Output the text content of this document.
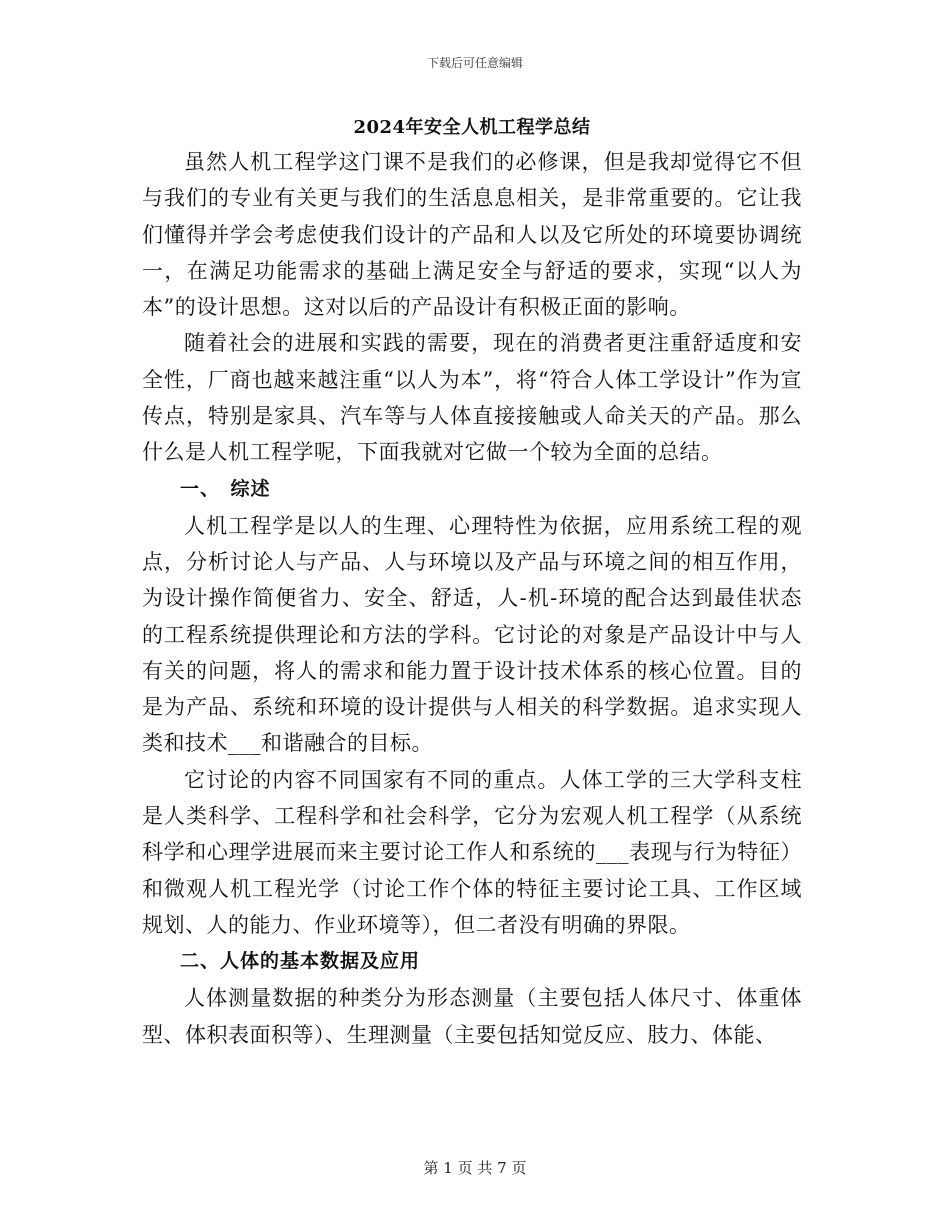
下载后可任意编辑
2024年安全人机工程学总结

虽然人机工程学这门课不是我们的必修课，但是我却觉得它不但与我们的专业有关更与我们的生活息息相关，是非常重要的。它让我们懂得并学会考虑使我们设计的产品和人以及它所处的环境要协调统一，在满足功能需求的基础上满足安全与舒适的要求，实现“以人为本”的设计思想。这对以后的产品设计有积极正面的影响。

随着社会的进展和实践的需要，现在的消费者更注重舒适度和安全性，厂商也越来越注重“以人为本”，将“符合人体工学设计”作为宣传点，特别是家具、汽车等与人体直接接触或人命关天的产品。那么什么是人机工程学呢，下面我就对它做一个较为全面的总结。

一、　综述

人机工程学是以人的生理、心理特性为依据，应用系统工程的观点，分析讨论人与产品、人与环境以及产品与环境之间的相互作用，为设计操作简便省力、安全、舒适，人-机-环境的配合达到最佳状态的工程系统提供理论和方法的学科。它讨论的对象是产品设计中与人有关的问题，将人的需求和能力置于设计技术体系的核心位置。目的是为产品、系统和环境的设计提供与人相关的科学数据。追求实现人类和技术___和谐融合的目标。

它讨论的内容不同国家有不同的重点。人体工学的三大学科支柱是人类科学、工程科学和社会科学，它分为宏观人机工程学（从系统科学和心理学进展而来主要讨论工作人和系统的___表现与行为特征）和微观人机工程光学（讨论工作个体的特征主要讨论工具、工作区域规划、人的能力、作业环境等），但二者没有明确的界限。

二、人体的基本数据及应用

人体测量数据的种类分为形态测量（主要包括人体尺寸、体重体型、体积表面积等）、生理测量（主要包括知觉反应、肢力、体能、

第 1 页 共 7 页
